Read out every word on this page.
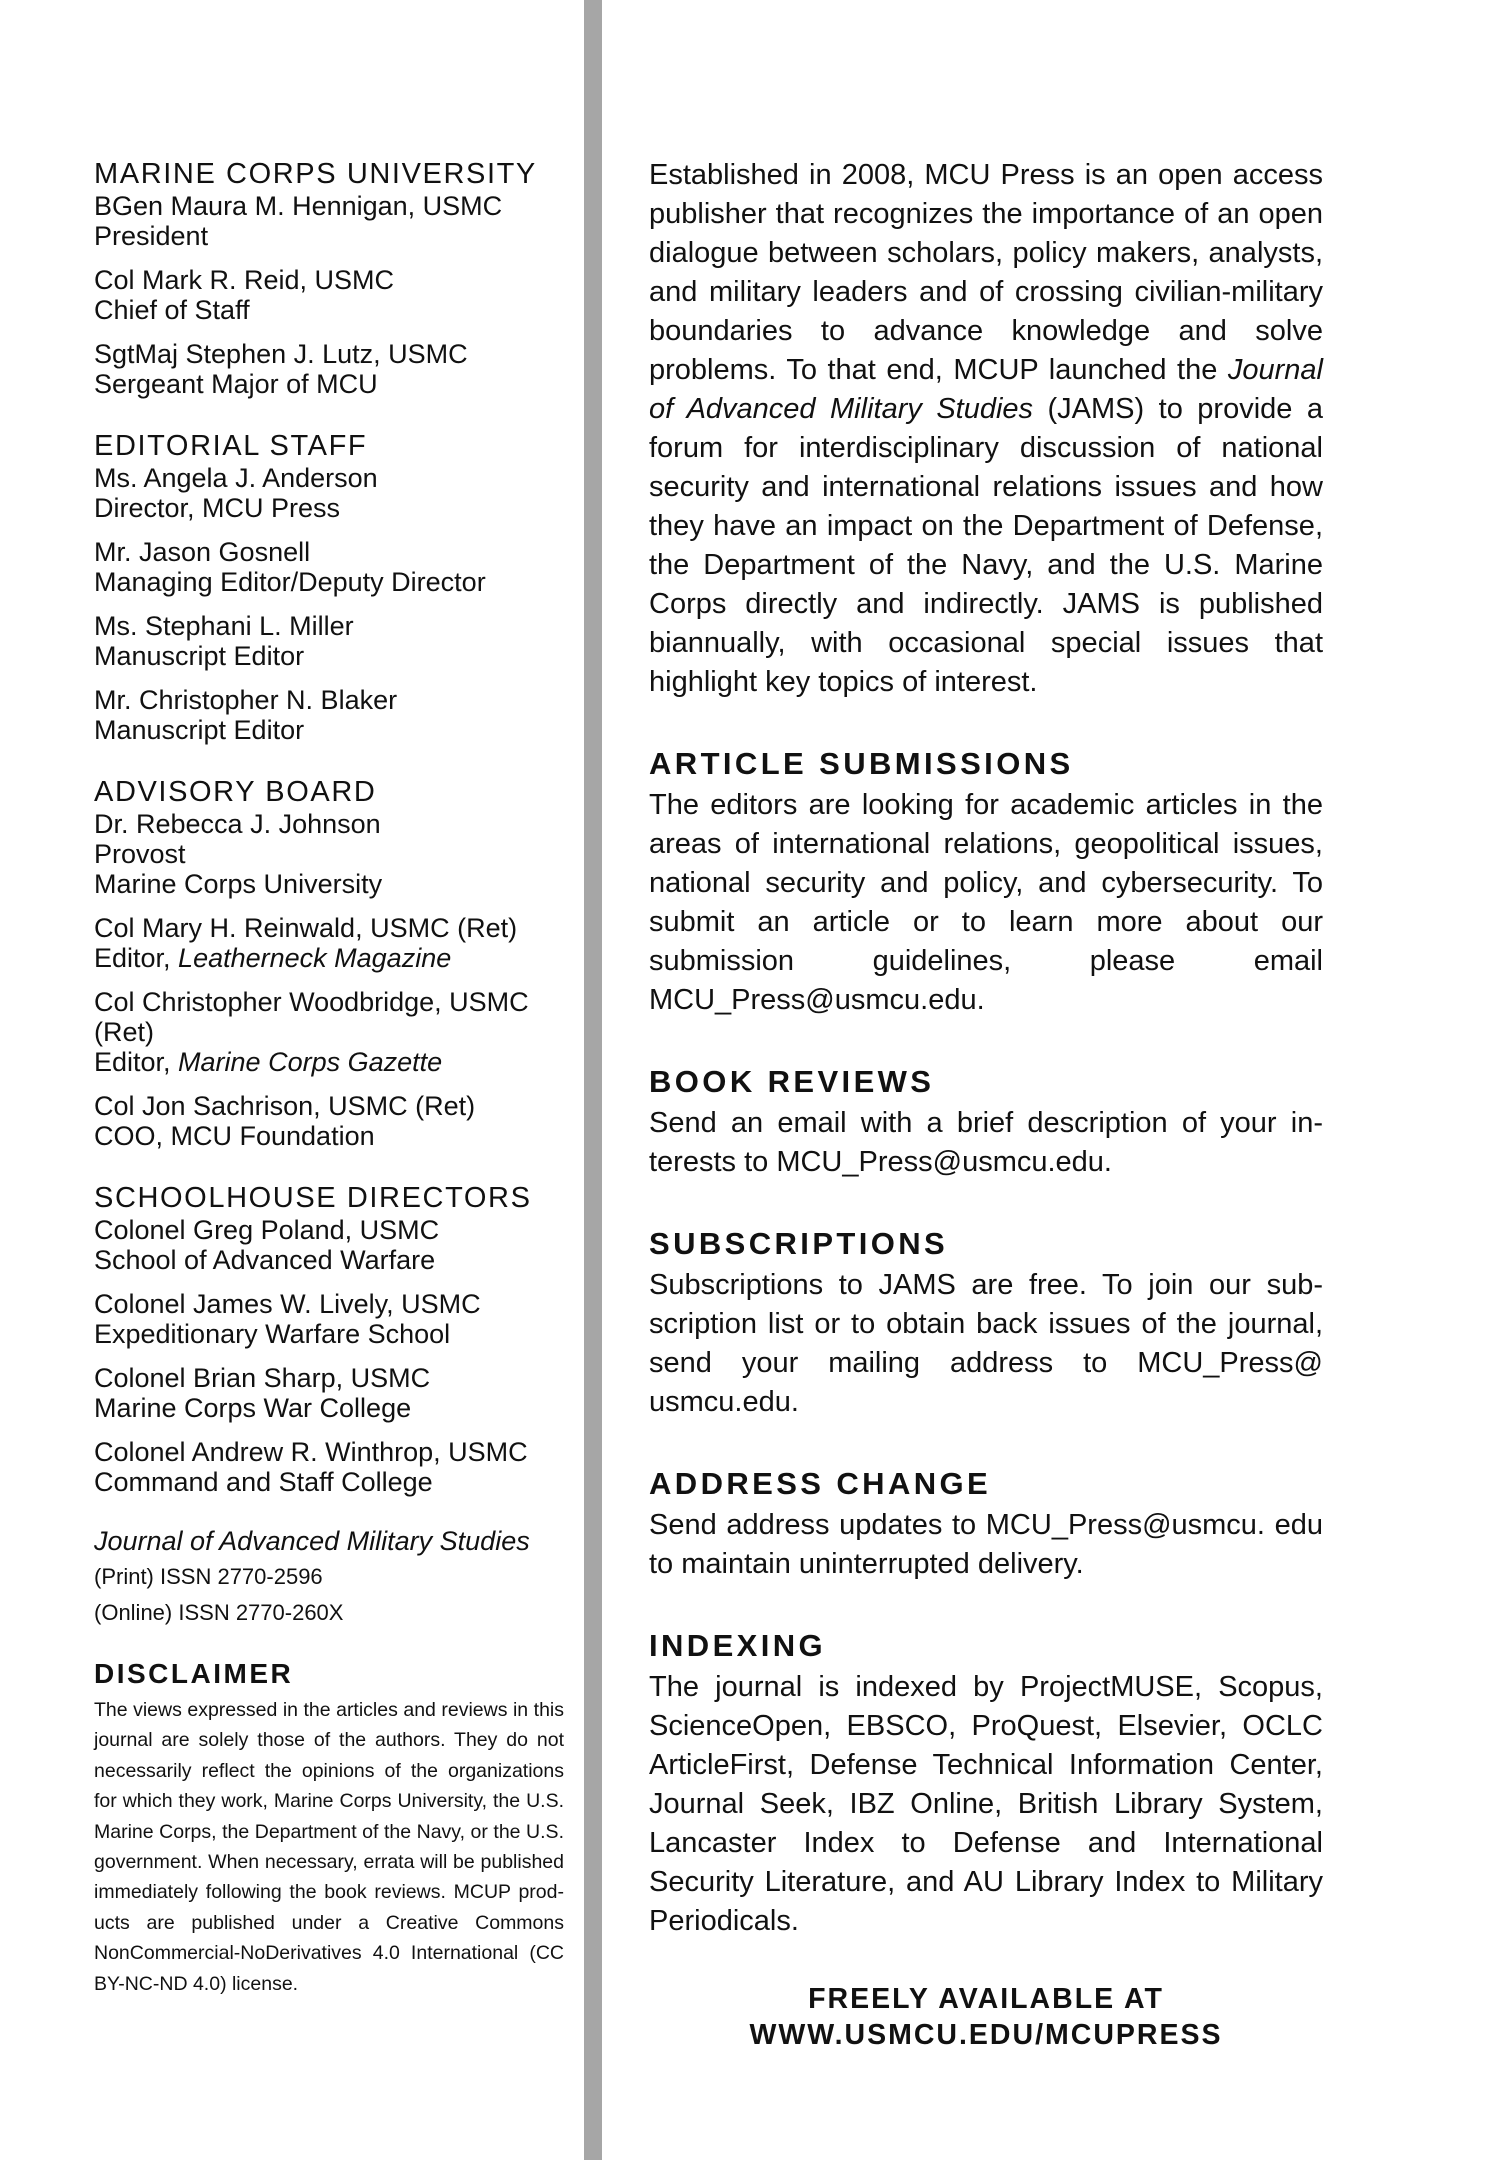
MARINE CORPS UNIVERSITY
BGen Maura M. Hennigan, USMC
President
Col Mark R. Reid, USMC
Chief of Staff
SgtMaj Stephen J. Lutz, USMC
Sergeant Major of MCU
EDITORIAL STAFF
Ms. Angela J. Anderson
Director, MCU Press
Mr. Jason Gosnell
Managing Editor/Deputy Director
Ms. Stephani L. Miller
Manuscript Editor
Mr. Christopher N. Blaker
Manuscript Editor
ADVISORY BOARD
Dr. Rebecca J. Johnson
Provost
Marine Corps University
Col Mary H. Reinwald, USMC (Ret)
Editor, Leatherneck Magazine
Col Christopher Woodbridge, USMC
(Ret)
Editor, Marine Corps Gazette
Col Jon Sachrison, USMC (Ret)
COO, MCU Foundation
SCHOOLHOUSE DIRECTORS
Colonel Greg Poland, USMC
School of Advanced Warfare
Colonel James W. Lively, USMC
Expeditionary Warfare School
Colonel Brian Sharp, USMC
Marine Corps War College
Colonel Andrew R. Winthrop, USMC
Command and Staff College
Journal of Advanced Military Studies
(Print) ISSN 2770-2596
(Online) ISSN 2770-260X
DISCLAIMER

The views expressed in the articles and reviews in this journal are solely those of the authors. They do not necessarily reflect the opinions of the organizations for which they work, Marine Corps University, the U.S. Marine Corps, the Department of the Navy, or the U.S. government. When necessary, errata will be published immediately following the book reviews. MCUP products are published under a Creative Commons NonCommercial-NoDerivatives 4.0 International (CC BY-NC-ND 4.0) license.

Established in 2008, MCU Press is an open access publisher that recognizes the importance of an open dialogue between scholars, policy makers, analysts, and military leaders and of crossing civilian-military boundaries to advance knowledge and solve problems. To that end, MCUP launched the Journal of Advanced Military Studies (JAMS) to provide a forum for interdisciplinary discussion of national security and international relations issues and how they have an impact on the Department of Defense, the Department of the Navy, and the U.S. Marine Corps directly and indirectly. JAMS is published biannually, with occasional special issues that highlight key topics of interest.

ARTICLE SUBMISSIONS

The editors are looking for academic articles in the areas of international relations, geopolitical issues, national security and policy, and cybersecurity. To submit an article or to learn more about our submission guidelines, please email MCU_Press@usmcu.edu.

BOOK REVIEWS

Send an email with a brief description of your interests to MCU_Press@usmcu.edu.

SUBSCRIPTIONS

Subscriptions to JAMS are free. To join our subscription list or to obtain back issues of the journal, send your mailing address to MCU_Press@ usmcu.edu.

ADDRESS CHANGE

Send address updates to MCU_Press@usmcu. edu to maintain uninterrupted delivery.

INDEXING

The journal is indexed by ProjectMUSE, Scopus, ScienceOpen, EBSCO, ProQuest, Elsevier, OCLC ArticleFirst, Defense Technical Information Center, Journal Seek, IBZ Online, British Library System, Lancaster Index to Defense and International Security Literature, and AU Library Index to Military Periodicals.

FREELY AVAILABLE AT
WWW.USMCU.EDU/MCUPRESS
